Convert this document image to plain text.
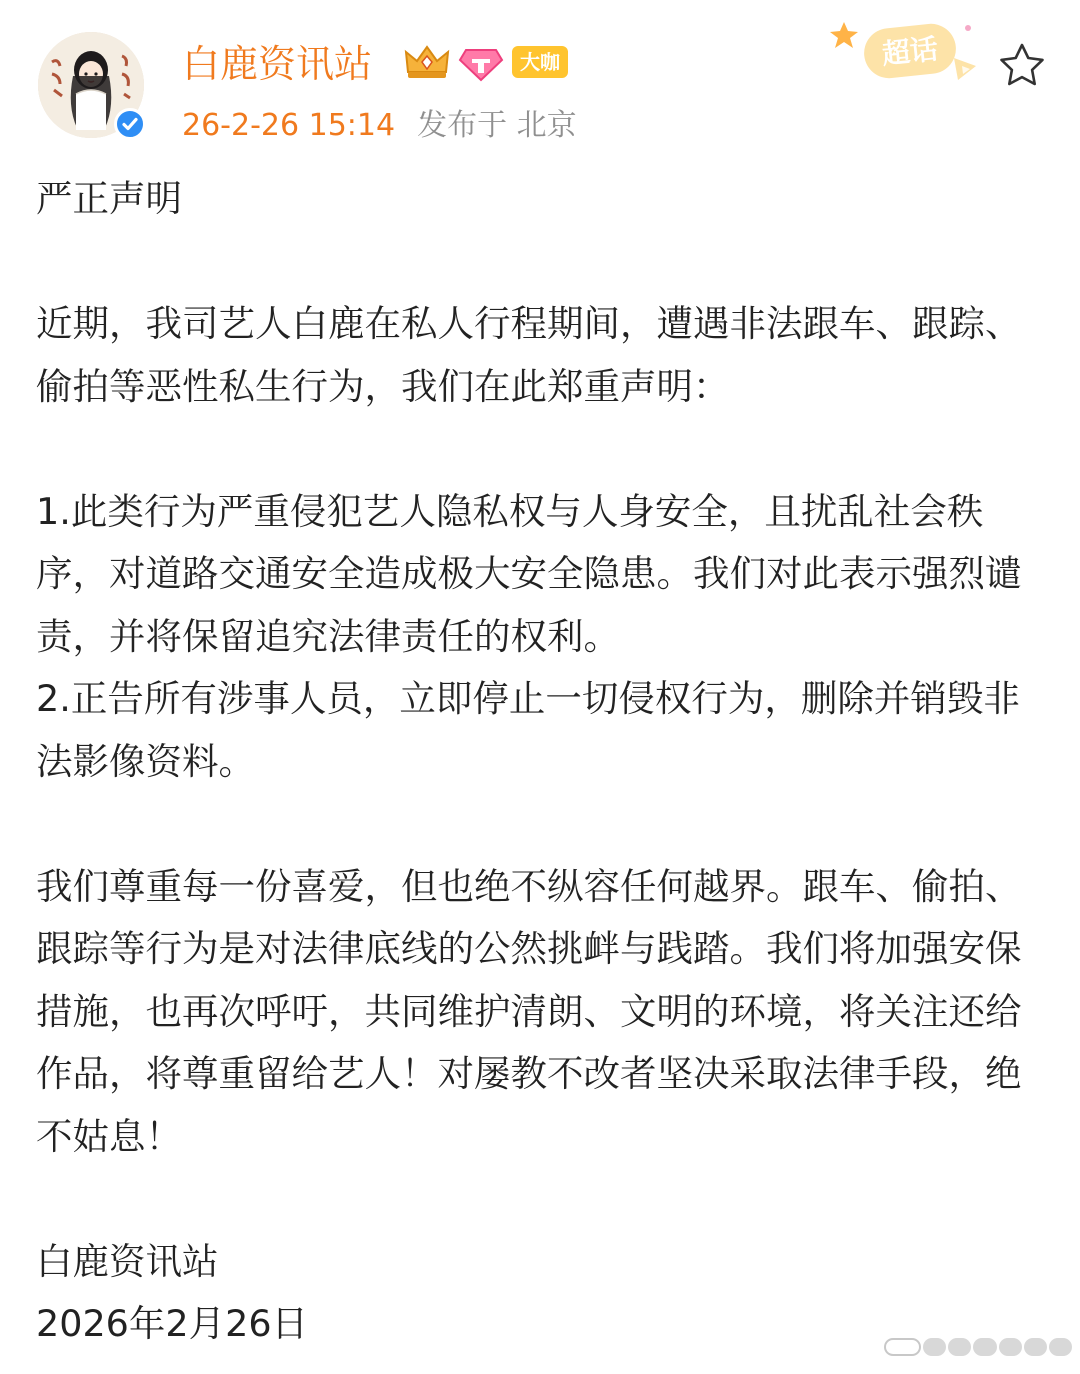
白鹿资讯站	大咖
26-2-26 15:14 发布于 北京
超话

严正声明

近期，我司艺人白鹿在私人行程期间，遭遇非法跟车、跟踪、偷拍等恶性私生行为，我们在此郑重声明：

1.此类行为严重侵犯艺人隐私权与人身安全，且扰乱社会秩序，对道路交通安全造成极大安全隐患。我们对此表示强烈谴责，并将保留追究法律责任的权利。

2.正告所有涉事人员，立即停止一切侵权行为，删除并销毁非法影像资料。

我们尊重每一份喜爱，但也绝不纵容任何越界。跟车、偷拍、跟踪等行为是对法律底线的公然挑衅与践踏。我们将加强安保措施，也再次呼吁，共同维护清朗、文明的环境，将关注还给作品，将尊重留给艺人！对屡教不改者坚决采取法律手段，绝不姑息！

白鹿资讯站

2026年2月26日
